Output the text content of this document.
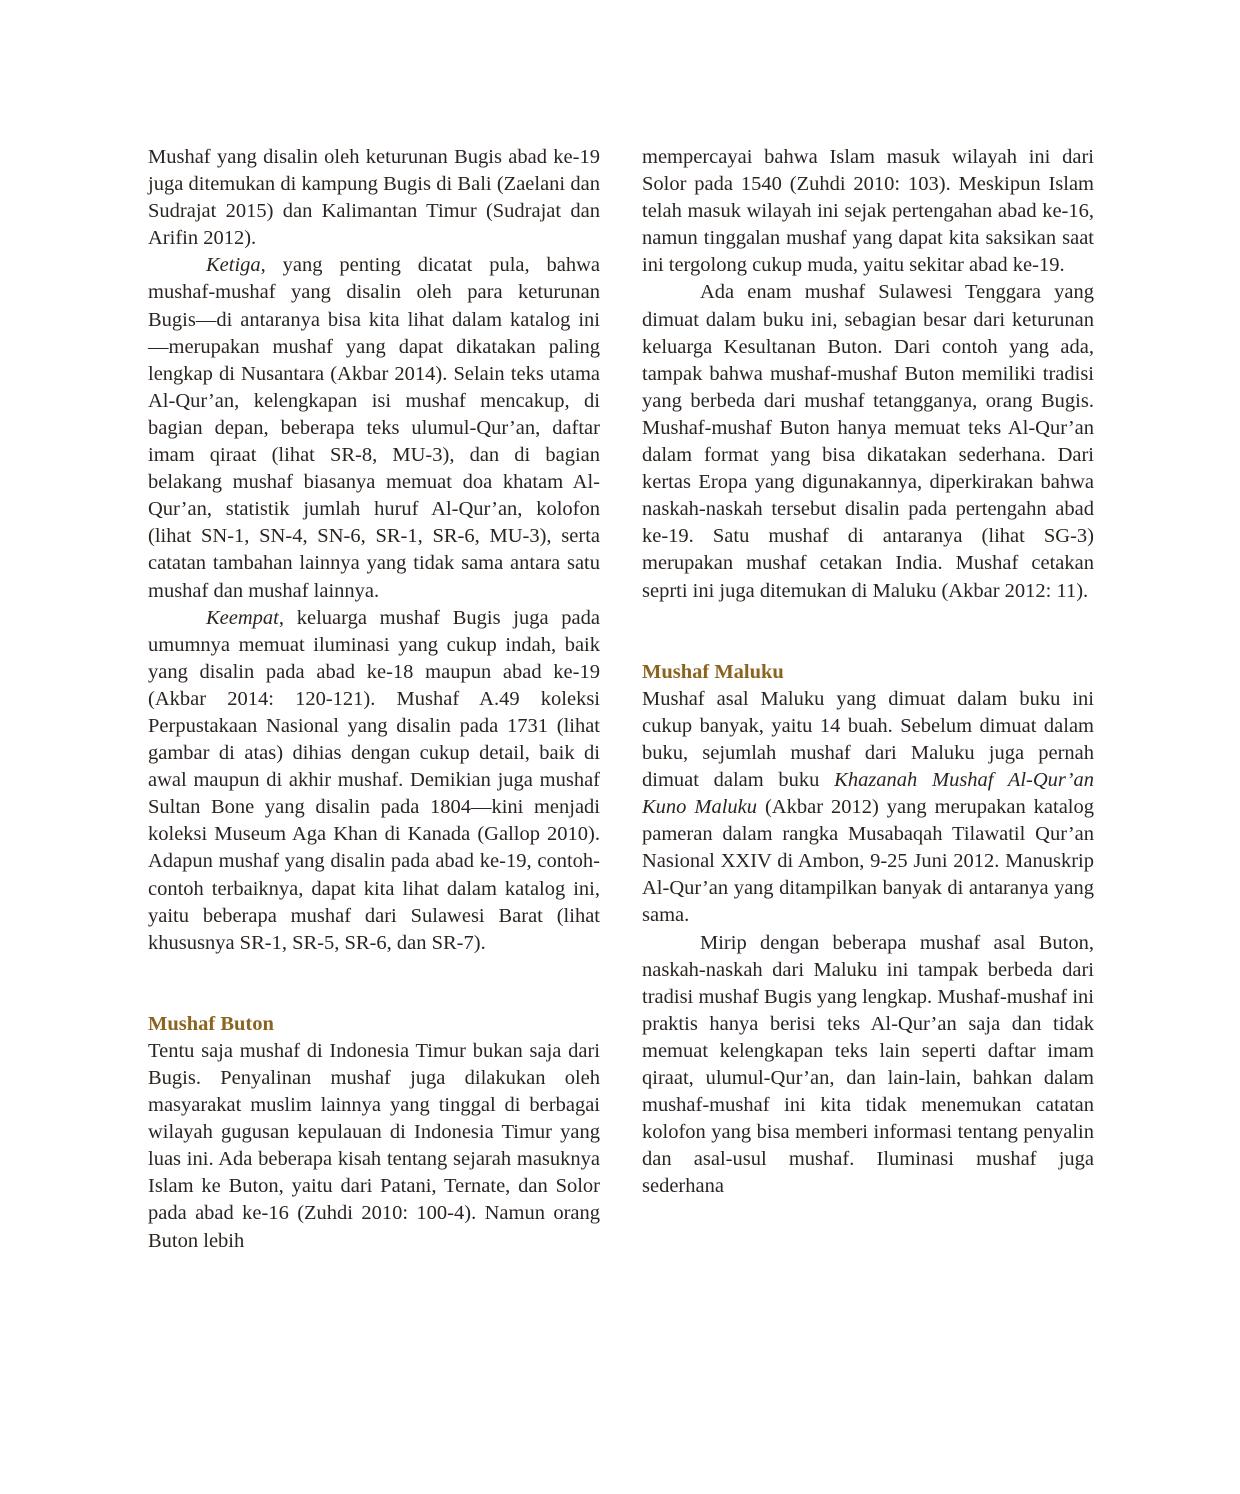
Mushaf yang disalin oleh keturunan Bugis abad ke-19 juga ditemukan di kampung Bugis di Bali (Zaelani dan Sudrajat 2015) dan Kalimantan Timur (Sudrajat dan Arifin 2012).

Ketiga, yang penting dicatat pula, bahwa mushaf-mushaf yang disalin oleh para keturunan Bugis—di antaranya bisa kita lihat dalam katalog ini—merupakan mushaf yang dapat dikatakan paling lengkap di Nusantara (Akbar 2014). Selain teks utama Al-Qur’an, kelengkapan isi mushaf mencakup, di bagian depan, beberapa teks ulumul-Qur’an, daftar imam qiraat (lihat SR-8, MU-3), dan di bagian belakang mushaf biasanya memuat doa khatam Al-Qur’an, statistik jumlah huruf Al-Qur’an, kolofon (lihat SN-1, SN-4, SN-6, SR-1, SR-6, MU-3), serta catatan tambahan lainnya yang tidak sama antara satu mushaf dan mushaf lainnya.

Keempat, keluarga mushaf Bugis juga pada umumnya memuat iluminasi yang cukup indah, baik yang disalin pada abad ke-18 maupun abad ke-19 (Akbar 2014: 120-121). Mushaf A.49 koleksi Perpustakaan Nasional yang disalin pada 1731 (lihat gambar di atas) dihias dengan cukup detail, baik di awal maupun di akhir mushaf. Demikian juga mushaf Sultan Bone yang disalin pada 1804—kini menjadi koleksi Museum Aga Khan di Kanada (Gallop 2010). Adapun mushaf yang disalin pada abad ke-19, contoh-contoh terbaiknya, dapat kita lihat dalam katalog ini, yaitu beberapa mushaf dari Sulawesi Barat (lihat khususnya SR-1, SR-5, SR-6, dan SR-7).

Mushaf Buton

Tentu saja mushaf di Indonesia Timur bukan saja dari Bugis. Penyalinan mushaf juga dilakukan oleh masyarakat muslim lainnya yang tinggal di berbagai wilayah gugusan kepulauan di Indonesia Timur yang luas ini. Ada beberapa kisah tentang sejarah masuknya Islam ke Buton, yaitu dari Patani, Ternate, dan Solor pada abad ke-16 (Zuhdi 2010: 100-4). Namun orang Buton lebih

mempercayai bahwa Islam masuk wilayah ini dari Solor pada 1540 (Zuhdi 2010: 103). Meskipun Islam telah masuk wilayah ini sejak pertengahan abad ke-16, namun tinggalan mushaf yang dapat kita saksikan saat ini tergolong cukup muda, yaitu sekitar abad ke-19.

Ada enam mushaf Sulawesi Tenggara yang dimuat dalam buku ini, sebagian besar dari keturunan keluarga Kesultanan Buton. Dari contoh yang ada, tampak bahwa mushaf-mushaf Buton memiliki tradisi yang berbeda dari mushaf tetangganya, orang Bugis. Mushaf-mushaf Buton hanya memuat teks Al-Qur’an dalam format yang bisa dikatakan sederhana. Dari kertas Eropa yang digunakannya, diperkirakan bahwa naskah-naskah tersebut disalin pada pertengahn abad ke-19. Satu mushaf di antaranya (lihat SG-3) merupakan mushaf cetakan India. Mushaf cetakan seprti ini juga ditemukan di Maluku (Akbar 2012: 11).

Mushaf Maluku

Mushaf asal Maluku yang dimuat dalam buku ini cukup banyak, yaitu 14 buah. Sebelum dimuat dalam buku, sejumlah mushaf dari Maluku juga pernah dimuat dalam buku Khazanah Mushaf Al-Qur’an Kuno Maluku (Akbar 2012) yang merupakan katalog pameran dalam rangka Musabaqah Tilawatil Qur’an Nasional XXIV di Ambon, 9-25 Juni 2012. Manuskrip Al-Qur’an yang ditampilkan banyak di antaranya yang sama.

Mirip dengan beberapa mushaf asal Buton, naskah-naskah dari Maluku ini tampak berbeda dari tradisi mushaf Bugis yang lengkap. Mushaf-mushaf ini praktis hanya berisi teks Al-Qur’an saja dan tidak memuat kelengkapan teks lain seperti daftar imam qiraat, ulumul-Qur’an, dan lain-lain, bahkan dalam mushaf-mushaf ini kita tidak menemukan catatan kolofon yang bisa memberi informasi tentang penyalin dan asal-usul mushaf. Iluminasi mushaf juga sederhana
